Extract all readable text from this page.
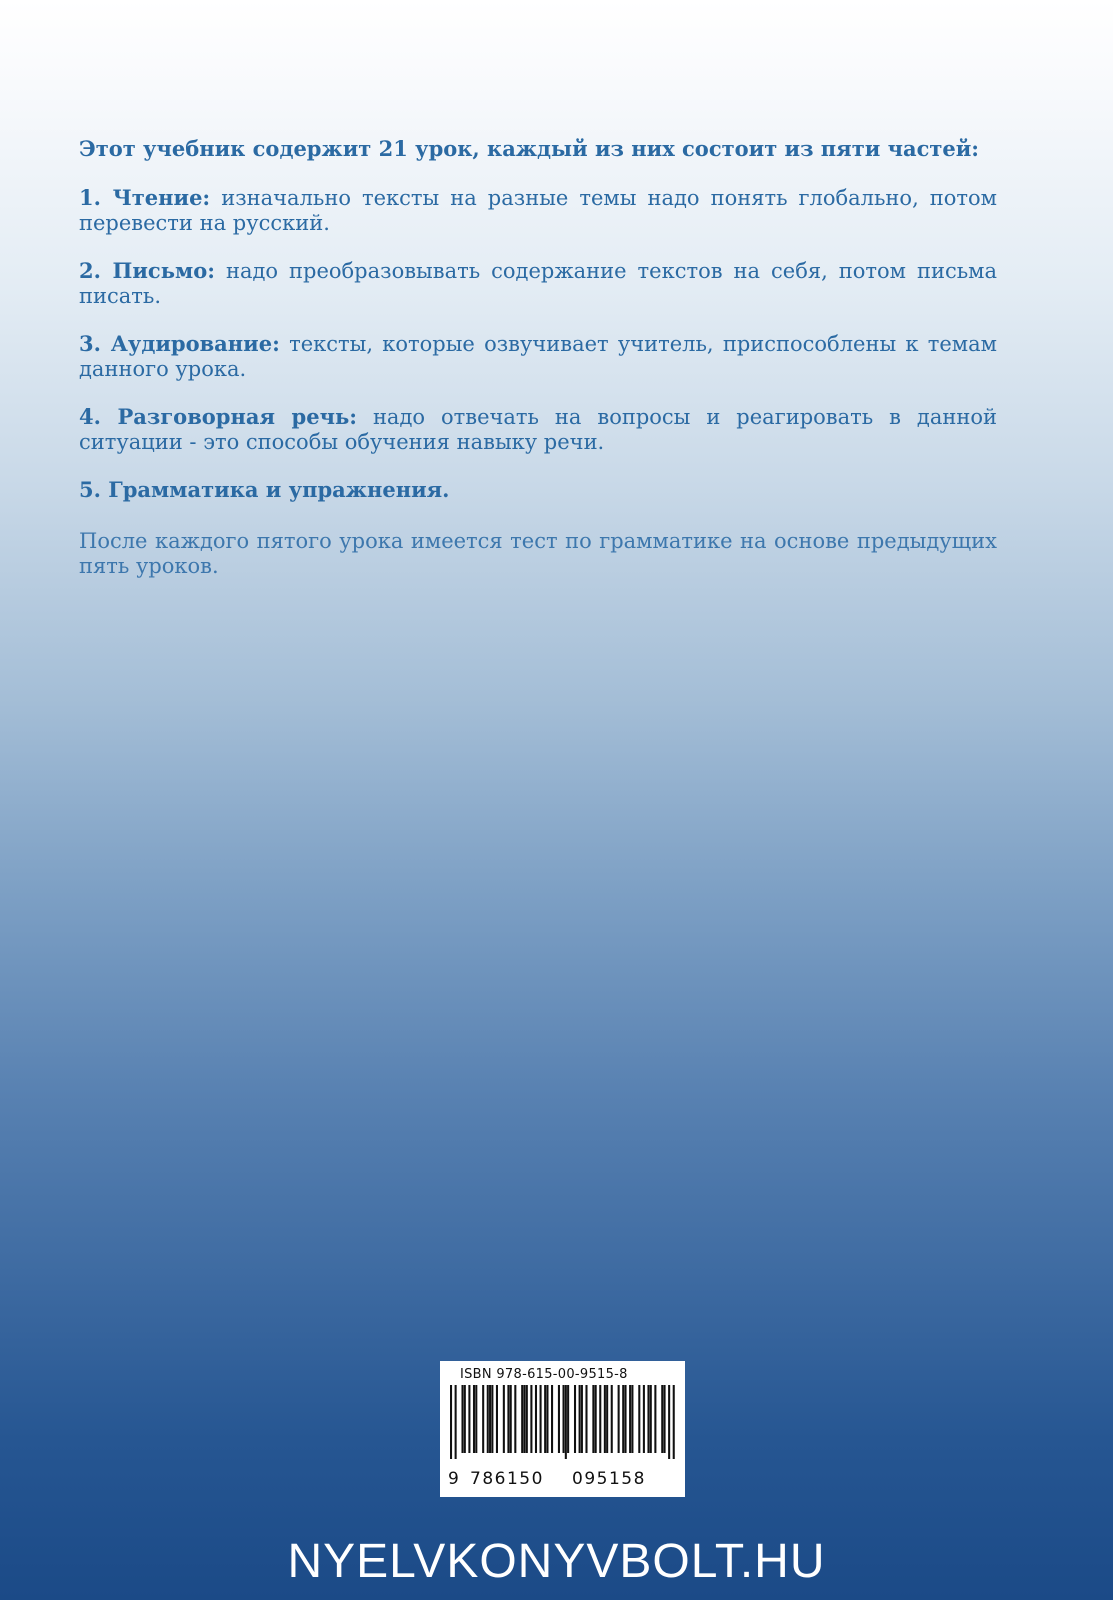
Этот учебник содержит 21 урок, каждый из них состоит из пяти частей:

1. Чтение: изначально тексты на разные темы надо понять глобально, потом перевести на русский.

2. Письмо: надо преобразовывать содержание текстов на себя, потом письма писать.

3. Аудирование: тексты, которые озвучивает учитель, приспособлены к темам данного урока.

4. Разговорная речь: надо отвечать на вопросы и реагировать в данной ситуации - это способы обучения навыку речи.

5. Грамматика и упражнения.

После каждого пятого урока имеется тест по грамматике на основе предыдущих пять уроков.

ISBN 978-615-00-9515-8
9 786150 095158
NYELVKONYVBOLT.HU
